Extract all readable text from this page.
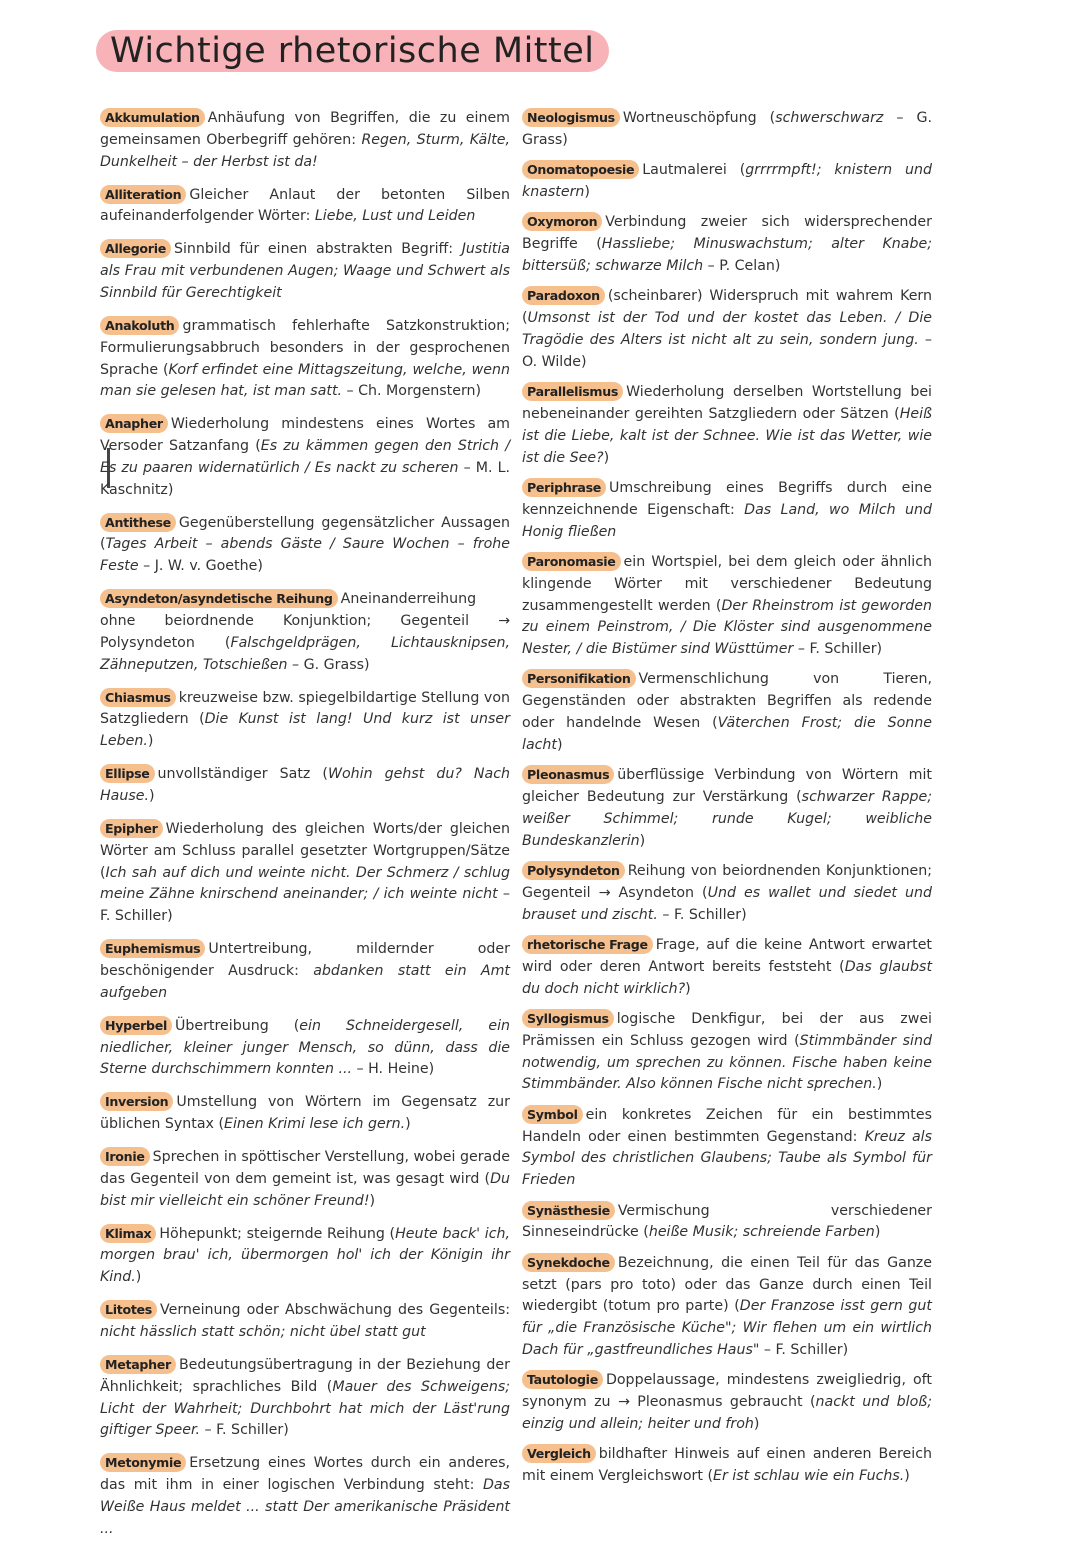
Wichtige rhetorische Mittel
Akkumulation Anhäufung von Begriffen, die zu einem gemeinsamen Oberbegriff gehören: Regen, Sturm, Kälte, Dunkelheit – der Herbst ist da!
Alliteration Gleicher Anlaut der betonten Silben aufeinanderfolgender Wörter: Liebe, Lust und Leiden
Allegorie Sinnbild für einen abstrakten Begriff: Justitia als Frau mit verbundenen Augen; Waage und Schwert als Sinnbild für Gerechtigkeit
Anakoluth grammatisch fehlerhafte Satzkonstruktion; Formulierungsabbruch besonders in der gesprochenen Sprache (Korf erfindet eine Mittagszeitung, welche, wenn man sie gelesen hat, ist man satt. – Ch. Morgenstern)
Anapher Wiederholung mindestens eines Wortes am Versoder Satzanfang (Es zu kämmen gegen den Strich / Es zu paaren widernatürlich / Es nackt zu scheren – M. L. Kaschnitz)
Antithese Gegenüberstellung gegensätzlicher Aussagen (Tages Arbeit – abends Gäste / Saure Wochen – frohe Feste – J. W. v. Goethe)
Asyndeton/asyndetische Reihung Aneinanderreihung ohne beiordnende Konjunktion; Gegenteil → Polysyndeton (Falschgeldprägen, Lichtausknipsen, Zähneputzen, Totschießen – G. Grass)
Chiasmus kreuzweise bzw. spiegelbildartige Stellung von Satzgliedern (Die Kunst ist lang! Und kurz ist unser Leben.)
Ellipse unvollständiger Satz (Wohin gehst du? Nach Hause.)
Epipher Wiederholung des gleichen Worts/der gleichen Wörter am Schluss parallel gesetzter Wortgruppen/Sätze (Ich sah auf dich und weinte nicht. Der Schmerz / schlug meine Zähne knirschend aneinander; / ich weinte nicht – F. Schiller)
Euphemismus Untertreibung, mildernder oder beschönigender Ausdruck: abdanken statt ein Amt aufgeben
Hyperbel Übertreibung (ein Schneidergesell, ein niedlicher, kleiner junger Mensch, so dünn, dass die Sterne durchschimmern konnten ... – H. Heine)
Inversion Umstellung von Wörtern im Gegensatz zur üblichen Syntax (Einen Krimi lese ich gern.)
Ironie Sprechen in spöttischer Verstellung, wobei gerade das Gegenteil von dem gemeint ist, was gesagt wird (Du bist mir vielleicht ein schöner Freund!)
Klimax Höhepunkt; steigernde Reihung (Heute back' ich, morgen brau' ich, übermorgen hol' ich der Königin ihr Kind.)
Litotes Verneinung oder Abschwächung des Gegenteils: nicht hässlich statt schön; nicht übel statt gut
Metapher Bedeutungsübertragung in der Beziehung der Ähnlichkeit; sprachliches Bild (Mauer des Schweigens; Licht der Wahrheit; Durchbohrt hat mich der Läst'rung giftiger Speer. – F. Schiller)
Metonymie Ersetzung eines Wortes durch ein anderes, das mit ihm in einer logischen Verbindung steht: Das Weiße Haus meldet ... statt Der amerikanische Präsident ...
Neologismus Wortneuschöpfung (schwerschwarz – G. Grass)
Onomatopoesie Lautmalerei (grrrrmpft!; knistern und knastern)
Oxymoron Verbindung zweier sich widersprechender Begriffe (Hassliebe; Minuswachstum; alter Knabe; bittersüß; schwarze Milch – P. Celan)
Paradoxon (scheinbarer) Widerspruch mit wahrem Kern (Umsonst ist der Tod und der kostet das Leben. / Die Tragödie des Alters ist nicht alt zu sein, sondern jung. – O. Wilde)
Parallelismus Wiederholung derselben Wortstellung bei nebeneinander gereihten Satzgliedern oder Sätzen (Heiß ist die Liebe, kalt ist der Schnee. Wie ist das Wetter, wie ist die See?)
Periphrase Umschreibung eines Begriffs durch eine kennzeichnende Eigenschaft: Das Land, wo Milch und Honig fließen
Paronomasie ein Wortspiel, bei dem gleich oder ähnlich klingende Wörter mit verschiedener Bedeutung zusammengestellt werden (Der Rheinstrom ist geworden zu einem Peinstrom, / Die Klöster sind ausgenommene Nester, / die Bistümer sind Wüsttümer – F. Schiller)
Personifikation Vermenschlichung von Tieren, Gegenständen oder abstrakten Begriffen als redende oder handelnde Wesen (Väterchen Frost; die Sonne lacht)
Pleonasmus überflüssige Verbindung von Wörtern mit gleicher Bedeutung zur Verstärkung (schwarzer Rappe; weißer Schimmel; runde Kugel; weibliche Bundeskanzlerin)
Polysyndeton Reihung von beiordnenden Konjunktionen; Gegenteil → Asyndeton (Und es wallet und siedet und brauset und zischt. – F. Schiller)
rhetorische Frage Frage, auf die keine Antwort erwartet wird oder deren Antwort bereits feststeht (Das glaubst du doch nicht wirklich?)
Syllogismus logische Denkfigur, bei der aus zwei Prämissen ein Schluss gezogen wird (Stimmbänder sind notwendig, um sprechen zu können. Fische haben keine Stimmbänder. Also können Fische nicht sprechen.)
Symbol ein konkretes Zeichen für ein bestimmtes Handeln oder einen bestimmten Gegenstand: Kreuz als Symbol des christlichen Glaubens; Taube als Symbol für Frieden
Synästhesie Vermischung verschiedener Sinneseindrücke (heiße Musik; schreiende Farben)
Synekdoche Bezeichnung, die einen Teil für das Ganze setzt (pars pro toto) oder das Ganze durch einen Teil wiedergibt (totum pro parte) (Der Franzose isst gern gut für „die Französische Küche"; Wir flehen um ein wirtlich Dach für „gastfreundliches Haus" – F. Schiller)
Tautologie Doppelaussage, mindestens zweigliedrig, oft synonym zu → Pleonasmus gebraucht (nackt und bloß; einzig und allein; heiter und froh)
Vergleich bildhafter Hinweis auf einen anderen Bereich mit einem Vergleichswort (Er ist schlau wie ein Fuchs.)
